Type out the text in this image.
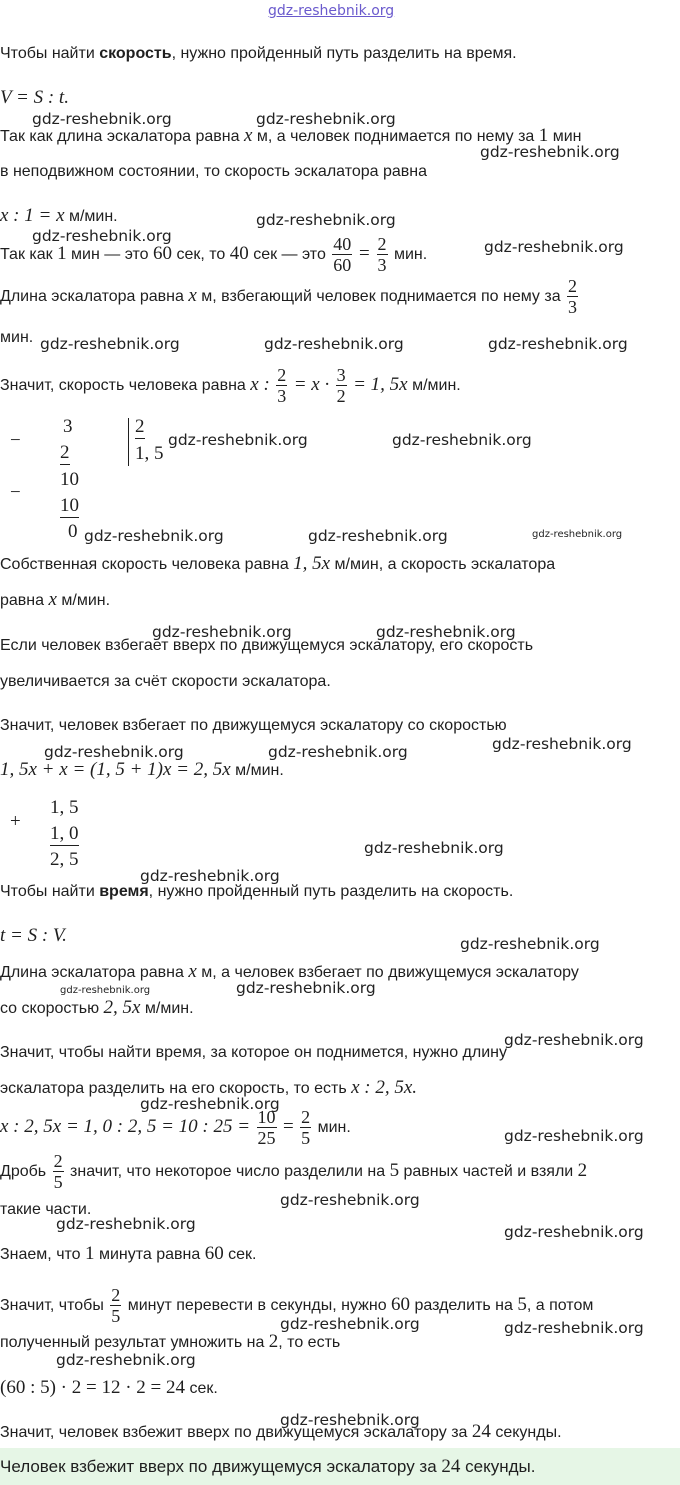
gdz-reshebnik.org
gdz-reshebnik.org	gdz-reshebnik.org
gdz-reshebnik.org
gdz-reshebnik.org
gdz-reshebnik.org
gdz-reshebnik.org
gdz-reshebnik.org	gdz-reshebnik.org	gdz-reshebnik.org
gdz-reshebnik.org	gdz-reshebnik.org
gdz-reshebnik.org	gdz-reshebnik.org	gdz-reshebnik.org
gdz-reshebnik.org	gdz-reshebnik.org
gdz-reshebnik.org	gdz-reshebnik.org	gdz-reshebnik.org
gdz-reshebnik.org
gdz-reshebnik.org
gdz-reshebnik.org
gdz-reshebnik.org	gdz-reshebnik.org
gdz-reshebnik.org
gdz-reshebnik.org
gdz-reshebnik.org
gdz-reshebnik.org
gdz-reshebnik.org	gdz-reshebnik.org
gdz-reshebnik.org	gdz-reshebnik.org
gdz-reshebnik.org
gdz-reshebnik.org
Чтобы найти скорость, нужно пройденный путь разделить на время.
V = S : t.
Так как длина эскалатора равна x м, а человек поднимается по нему за 1 мин
в неподвижном состоянии, то скорость эскалатора равна
x : 1 = x м/мин.
Так как 1 мин — это 60 сек, то 40 сек — это $\frac{40}{60} = \frac{2}{3}$ мин.
Длина эскалатора равна x м, взбегающий человек поднимается по нему за $\frac{2}{3}$
мин.
Значит, скорость человека равна x : $\frac{2}{3} = x \cdot \frac{3}{2} = 1$, 5x м/мин.
−
3
2
−
10
10
0
2
1, 5
Собственная скорость человека равна 1, 5x м/мин, а скорость эскалатора
равна x м/мин.
Если человек взбегает вверх по движущемуся эскалатору, его скорость
увеличивается за счёт скорости эскалатора.
Значит, человек взбегает по движущемуся эскалатору со скоростью
1, 5x + x = (1, 5 + 1)x = 2, 5x м/мин.
+
1, 5
1, 0
2, 5
Чтобы найти время, нужно пройденный путь разделить на скорость.
t = S : V.
Длина эскалатора равна x м, а человек взбегает по движущемуся эскалатору
со скоростью 2, 5x м/мин.
Значит, чтобы найти время, за которое он поднимется, нужно длину
эскалатора разделить на его скорость, то есть x : 2, 5x.
x : 2, 5x = 1, 0 : 2, 5 = 10 : $25 = \frac{10}{25} = \frac{2}{5}$ мин.
Дробь $\frac{2}{5}$ значит, что некоторое число разделили на 5 равных частей и взяли 2
такие части.
Знаем, что 1 минута равна 60 сек.
Значит, чтобы $\frac{2}{5}$ минут перевести в секунды, нужно 60 разделить на 5, а потом
полученный результат умножить на 2, то есть
(60 : 5) · 2 = 12 · 2 = 24 сек.
Значит, человек взбежит вверх по движущемуся эскалатору за 24 секунды.
Человек взбежит вверх по движущемуся эскалатору за 24 секунды.
